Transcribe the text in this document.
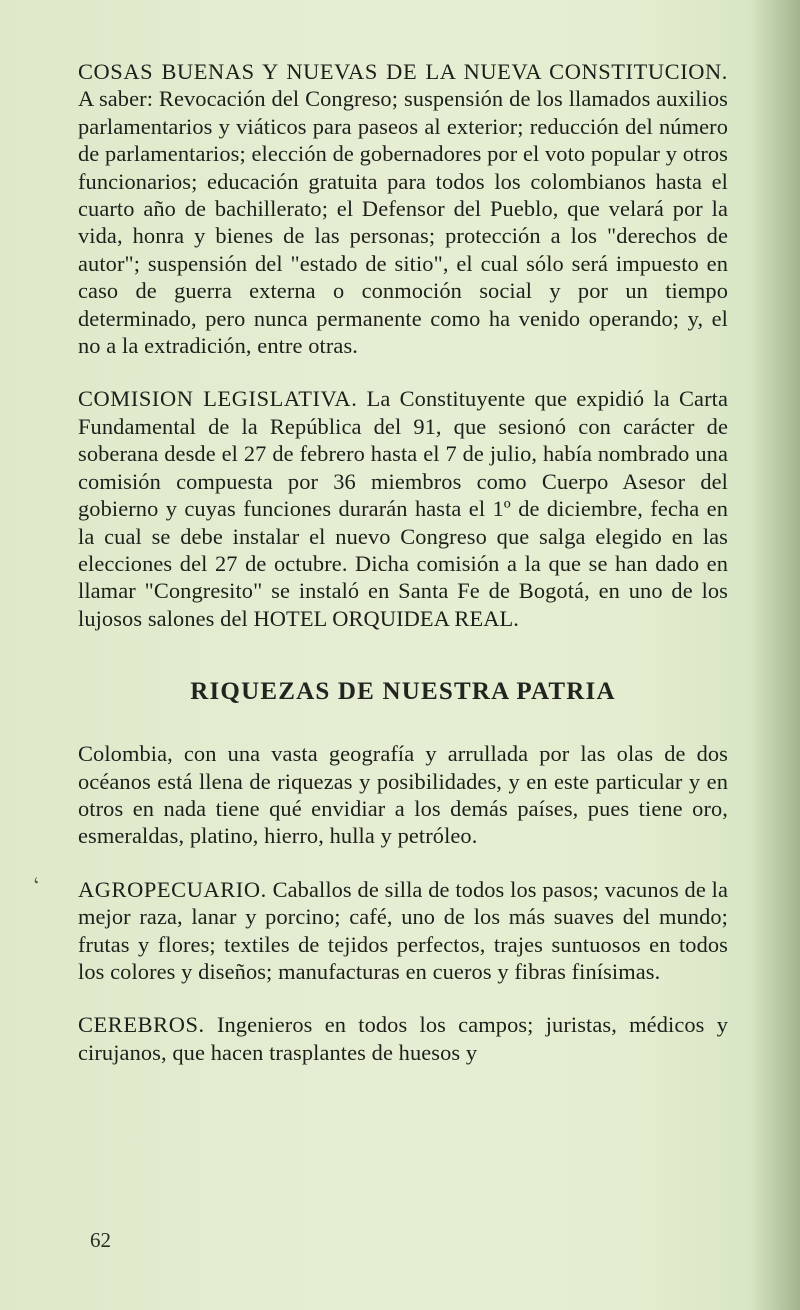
COSAS BUENAS Y NUEVAS DE LA NUEVA CONSTITUCION. A saber: Revocación del Congreso; suspensión de los llamados auxilios parlamentarios y viáticos para paseos al exterior; reducción del número de parlamentarios; elección de gobernadores por el voto popular y otros funcionarios; educación gratuita para todos los colombianos hasta el cuarto año de bachillerato; el Defensor del Pueblo, que velará por la vida, honra y bienes de las personas; protección a los "derechos de autor"; suspensión del "estado de sitio", el cual sólo será impuesto en caso de guerra externa o conmoción social y por un tiempo determinado, pero nunca permanente como ha venido operando; y, el no a la extradición, entre otras.

COMISION LEGISLATIVA. La Constituyente que expidió la Carta Fundamental de la República del 91, que sesionó con carácter de soberana desde el 27 de febrero hasta el 7 de julio, había nombrado una comisión compuesta por 36 miembros como Cuerpo Asesor del gobierno y cuyas funciones durarán hasta el 1º de diciembre, fecha en la cual se debe instalar el nuevo Congreso que salga elegido en las elecciones del 27 de octubre. Dicha comisión a la que se han dado en llamar "Congresito" se instaló en Santa Fe de Bogotá, en uno de los lujosos salones del HOTEL ORQUIDEA REAL.

RIQUEZAS DE NUESTRA PATRIA

Colombia, con una vasta geografía y arrullada por las olas de dos océanos está llena de riquezas y posibilidades, y en este particular y en otros en nada tiene qué envidiar a los demás países, pues tiene oro, esmeraldas, platino, hierro, hulla y petróleo.

AGROPECUARIO. Caballos de silla de todos los pasos; vacunos de la mejor raza, lanar y porcino; café, uno de los más suaves del mundo; frutas y flores; textiles de tejidos perfectos, trajes suntuosos en todos los colores y diseños; manufacturas en cueros y fibras finísimas.

CEREBROS. Ingenieros en todos los campos; juristas, médicos y cirujanos, que hacen trasplantes de huesos y

‘
62
